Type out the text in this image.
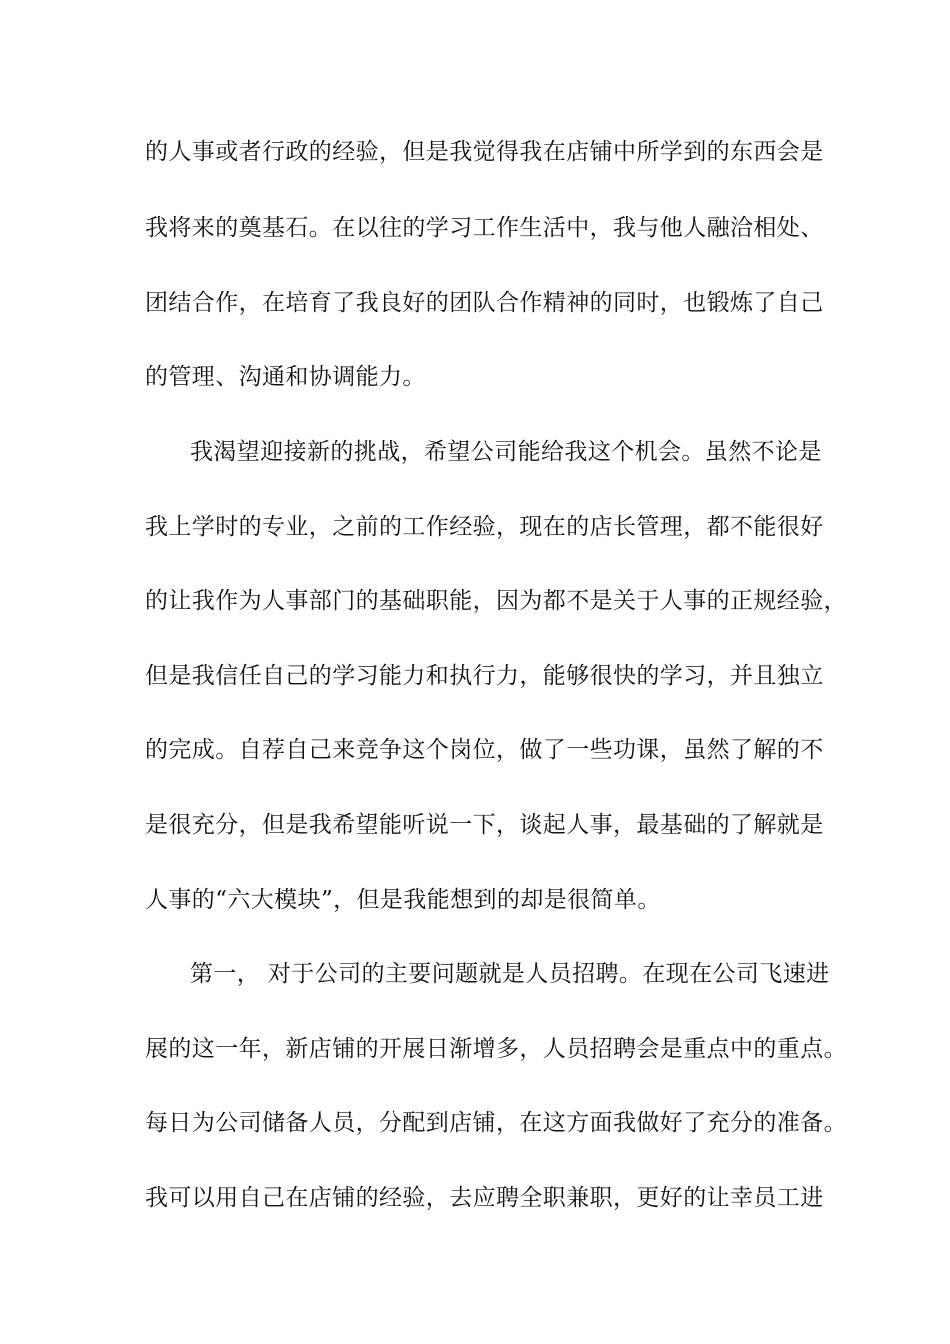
的人事或者行政的经验，但是我觉得我在店铺中所学到的东西会是
我将来的奠基石。在以往的学习工作生活中，我与他人融洽相处、
团结合作，在培育了我良好的团队合作精神的同时，也锻炼了自己
的管理、沟通和协调能力。
我渴望迎接新的挑战，希望公司能给我这个机会。虽然不论是
我上学时的专业，之前的工作经验，现在的店长管理，都不能很好
的让我作为人事部门的基础职能，因为都不是关于人事的正规经验，
但是我信任自己的学习能力和执行力，能够很快的学习，并且独立
的完成。自荐自己来竞争这个岗位，做了一些功课，虽然了解的不
是很充分，但是我希望能听说一下，谈起人事，最基础的了解就是
人事的“六大模块”，但是我能想到的却是很简单。
第一， 对于公司的主要问题就是人员招聘。在现在公司飞速进
展的这一年，新店铺的开展日渐增多，人员招聘会是重点中的重点。
每日为公司储备人员，分配到店铺，在这方面我做好了充分的准备。
我可以用自己在店铺的经验，去应聘全职兼职，更好的让幸员工进
